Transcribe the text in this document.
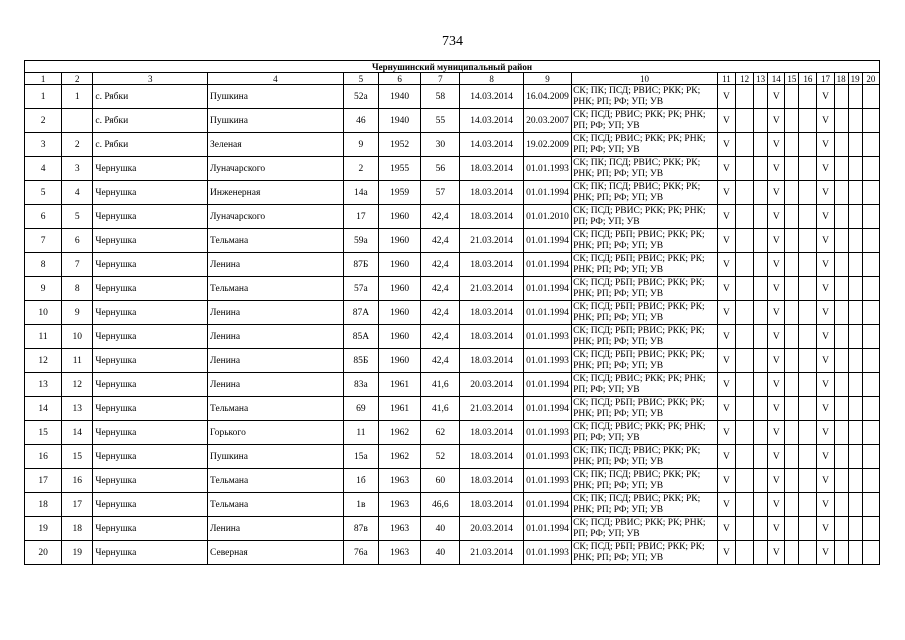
734
Чернушинский муниципальный район																			
1	2	3	4	5	6	7	8	9	10	11	12	13	14	15	16	17	18	19	20
1	1	с. Рябки	Пушкина	52а	1940	58	14.03.2014	16.04.2009	СК; ПК; ПСД; РВИС; РКК; РК; РНК; РП; РФ; УП; УВ	V			V			V			
2		с. Рябки	Пушкина	46	1940	55	14.03.2014	20.03.2007	СК; ПСД; РВИС; РКК; РК; РНК; РП; РФ; УП; УВ	V			V			V			
3	2	с. Рябки	Зеленая	9	1952	30	14.03.2014	19.02.2009	СК; ПСД; РВИС; РКК; РК; РНК; РП; РФ; УП; УВ	V			V			V			
4	3	Чернушка	Луначарского	2	1955	56	18.03.2014	01.01.1993	СК; ПК; ПСД; РВИС; РКК; РК; РНК; РП; РФ; УП; УВ	V			V			V			
5	4	Чернушка	Инженерная	14а	1959	57	18.03.2014	01.01.1994	СК; ПК; ПСД; РВИС; РКК; РК; РНК; РП; РФ; УП; УВ	V			V			V			
6	5	Чернушка	Луначарского	17	1960	42,4	18.03.2014	01.01.2010	СК; ПСД; РВИС; РКК; РК; РНК; РП; РФ; УП; УВ	V			V			V			
7	6	Чернушка	Тельмана	59а	1960	42,4	21.03.2014	01.01.1994	СК; ПСД; РБП; РВИС; РКК; РК; РНК; РП; РФ; УП; УВ	V			V			V			
8	7	Чернушка	Ленина	87Б	1960	42,4	18.03.2014	01.01.1994	СК; ПСД; РБП; РВИС; РКК; РК; РНК; РП; РФ; УП; УВ	V			V			V			
9	8	Чернушка	Тельмана	57а	1960	42,4	21.03.2014	01.01.1994	СК; ПСД; РБП; РВИС; РКК; РК; РНК; РП; РФ; УП; УВ	V			V			V			
10	9	Чернушка	Ленина	87А	1960	42,4	18.03.2014	01.01.1994	СК; ПСД; РБП; РВИС; РКК; РК; РНК; РП; РФ; УП; УВ	V			V			V			
11	10	Чернушка	Ленина	85А	1960	42,4	18.03.2014	01.01.1993	СК; ПСД; РБП; РВИС; РКК; РК; РНК; РП; РФ; УП; УВ	V			V			V			
12	11	Чернушка	Ленина	85Б	1960	42,4	18.03.2014	01.01.1993	СК; ПСД; РБП; РВИС; РКК; РК; РНК; РП; РФ; УП; УВ	V			V			V			
13	12	Чернушка	Ленина	83а	1961	41,6	20.03.2014	01.01.1994	СК; ПСД; РВИС; РКК; РК; РНК; РП; РФ; УП; УВ	V			V			V			
14	13	Чернушка	Тельмана	69	1961	41,6	21.03.2014	01.01.1994	СК; ПСД; РБП; РВИС; РКК; РК; РНК; РП; РФ; УП; УВ	V			V			V			
15	14	Чернушка	Горького	11	1962	62	18.03.2014	01.01.1993	СК; ПСД; РВИС; РКК; РК; РНК; РП; РФ; УП; УВ	V			V			V			
16	15	Чернушка	Пушкина	15а	1962	52	18.03.2014	01.01.1993	СК; ПК; ПСД; РВИС; РКК; РК; РНК; РП; РФ; УП; УВ	V			V			V			
17	16	Чернушка	Тельмана	1б	1963	60	18.03.2014	01.01.1993	СК; ПК; ПСД; РВИС; РКК; РК; РНК; РП; РФ; УП; УВ	V			V			V			
18	17	Чернушка	Тельмана	1в	1963	46,6	18.03.2014	01.01.1994	СК; ПК; ПСД; РВИС; РКК; РК; РНК; РП; РФ; УП; УВ	V			V			V			
19	18	Чернушка	Ленина	87в	1963	40	20.03.2014	01.01.1994	СК; ПСД; РВИС; РКК; РК; РНК; РП; РФ; УП; УВ	V			V			V			
20	19	Чернушка	Северная	76а	1963	40	21.03.2014	01.01.1993	СК; ПСД; РБП; РВИС; РКК; РК; РНК; РП; РФ; УП; УВ	V			V			V			
